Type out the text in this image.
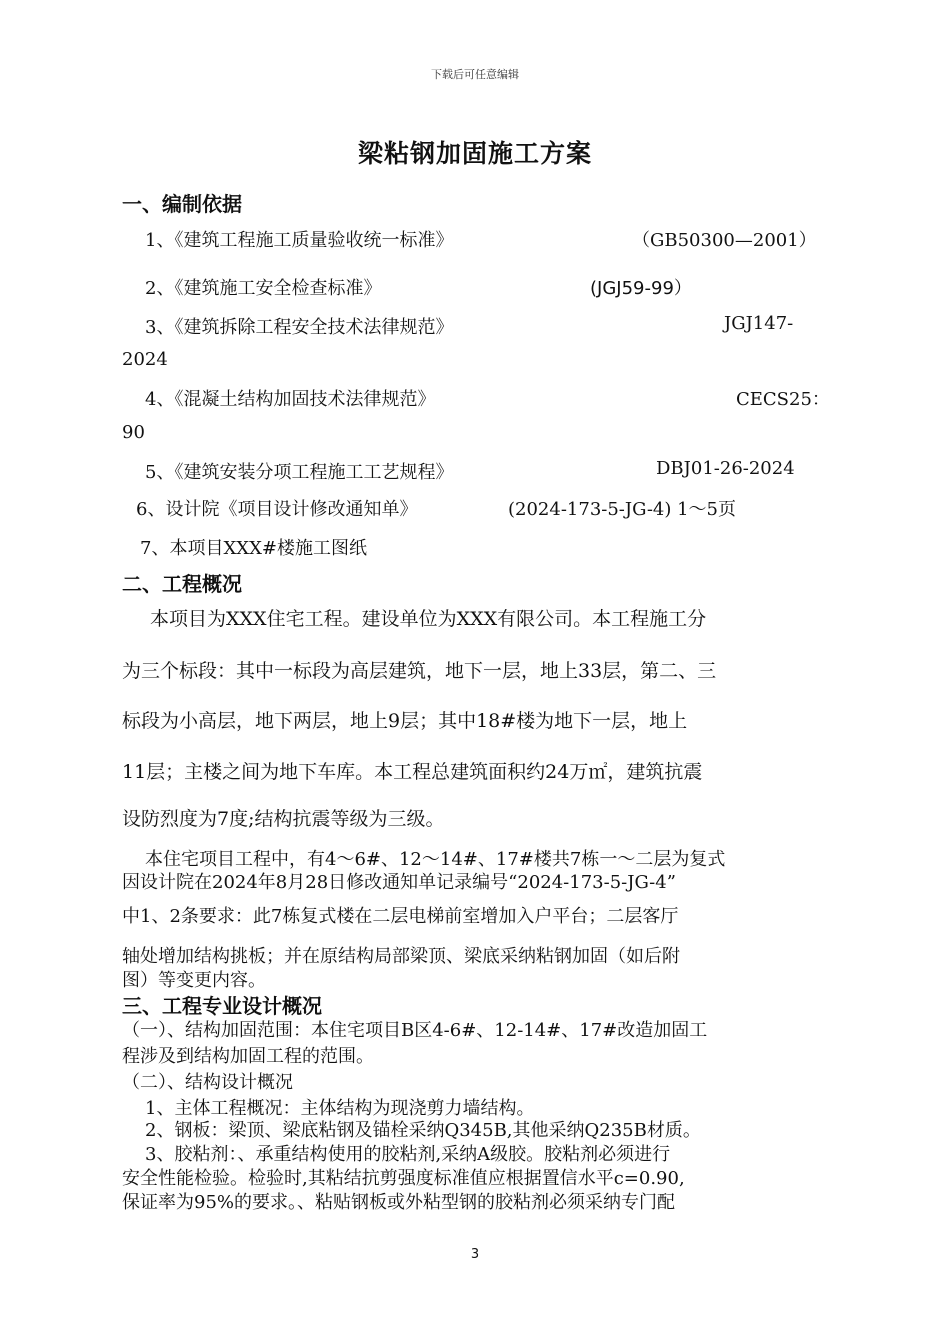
下载后可任意编辑
梁粘钢加固施工方案
一、编制依据
1、《建筑工程施工质量验收统一标准》	（GB50300—2001）
2、《建筑施工安全检查标准》	(JGJ59-99）
3、《建筑拆除工程安全技术法律规范》	JGJ147-
2024
4、《混凝土结构加固技术法律规范》	CECS25：
90
5、《建筑安装分项工程施工工艺规程》	DBJ01-26-2024
6、设计院《项目设计修改通知单》	(2024-173-5-JG-4) 1～5页
7、本项目XXX#楼施工图纸
二、工程概况
本项目为XXX住宅工程。建设单位为XXX有限公司。本工程施工分
为三个标段：其中一标段为高层建筑，地下一层，地上33层，第二、三
标段为小高层，地下两层，地上9层；其中18#楼为地下一层，地上
11层；主楼之间为地下车库。本工程总建筑面积约24万㎡，建筑抗震
设防烈度为7度;结构抗震等级为三级。
本住宅项目工程中，有4～6#、12～14#、17#楼共7栋一～二层为复式
因设计院在2024年8月28日修改通知单记录编号“2024-173-5-JG-4”
中1、2条要求：此7栋复式楼在二层电梯前室增加入户平台；二层客厅
轴处增加结构挑板；并在原结构局部梁顶、梁底采纳粘钢加固（如后附
图）等变更内容。
三、工程专业设计概况
（一）、结构加固范围：本住宅项目B区4-6#、12-14#、17#改造加固工
程涉及到结构加固工程的范围。
（二）、结构设计概况
1、主体工程概况：主体结构为现浇剪力墙结构。
2、钢板：梁顶、梁底粘钢及锚栓采纳Q345B,其他采纳Q235B材质。
3、胶粘剂：、承重结构使用的胶粘剂,采纳A级胶。胶粘剂必须进行
安全性能检验。检验时,其粘结抗剪强度标准值应根据置信水平c=0.90,
保证率为95%的要求。、粘贴钢板或外粘型钢的胶粘剂必须采纳专门配
3
